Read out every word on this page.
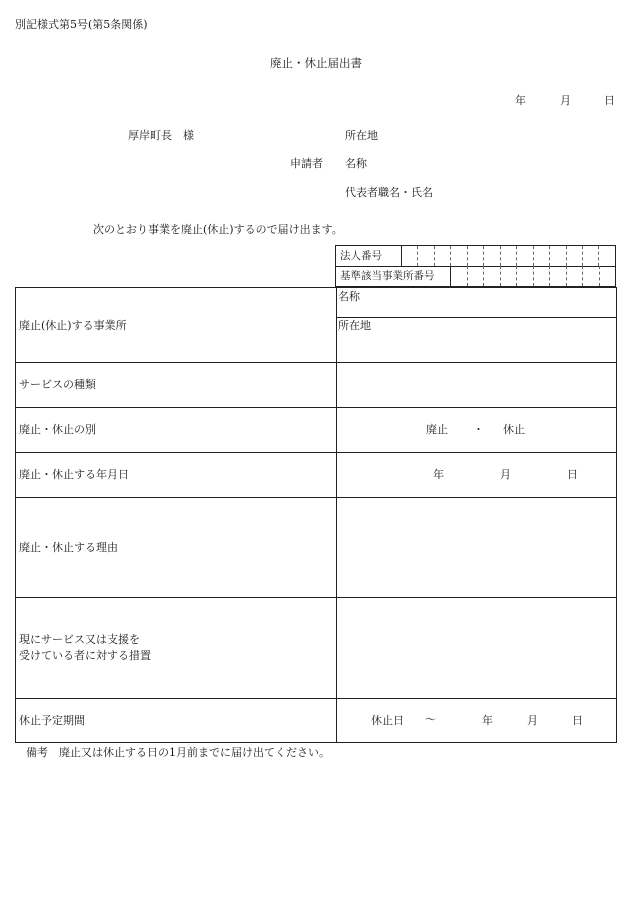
別記様式第5号(第5条関係)
廃止・休止届出書
年	月	日
厚岸町長　様	所在地
申請者 名称
代表者職名・氏名
次のとおり事業を廃止(休止)するので届け出ます。
法人番号
基準該当事業所番号
廃止(休止)する事業所
名称
所在地
サービスの種類
廃止・休止の別	廃止 ・ 休止
廃止・休止する年月日	年	月	日
廃止・休止する理由
現にサービス又は支援を
受けている者に対する措置
休止予定期間	休止日 ～	年	月	日
備考　廃止又は休止する日の1月前までに届け出てください。
